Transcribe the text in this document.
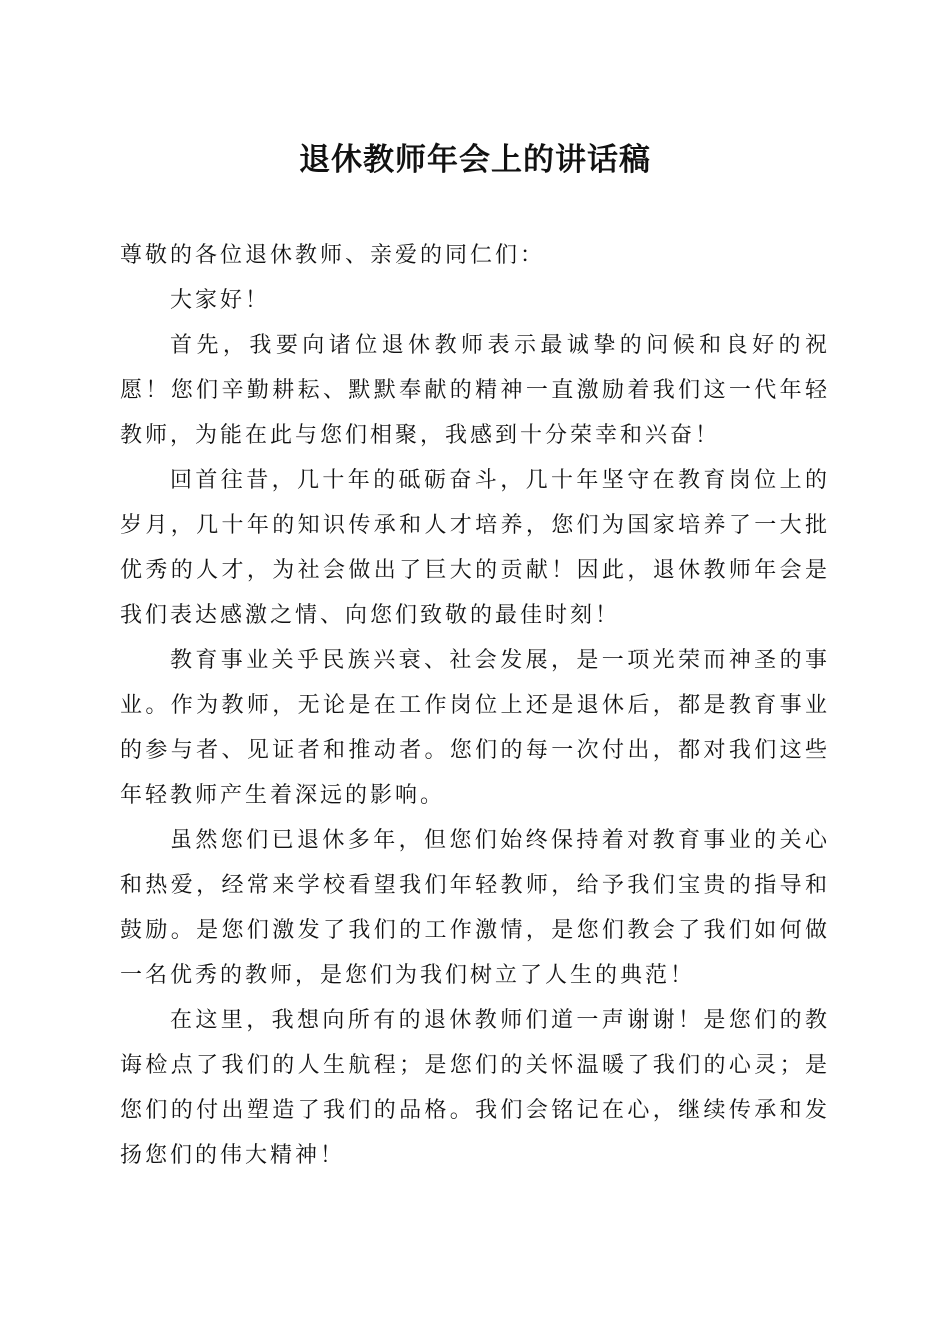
退休教师年会上的讲话稿

尊敬的各位退休教师、亲爱的同仁们：

大家好！

首先，我要向诸位退休教师表示最诚挚的问候和良好的祝愿！您们辛勤耕耘、默默奉献的精神一直激励着我们这一代年轻教师，为能在此与您们相聚，我感到十分荣幸和兴奋！

回首往昔，几十年的砥砺奋斗，几十年坚守在教育岗位上的岁月，几十年的知识传承和人才培养，您们为国家培养了一大批优秀的人才，为社会做出了巨大的贡献！因此，退休教师年会是我们表达感激之情、向您们致敬的最佳时刻！

教育事业关乎民族兴衰、社会发展，是一项光荣而神圣的事业。作为教师，无论是在工作岗位上还是退休后，都是教育事业的参与者、见证者和推动者。您们的每一次付出，都对我们这些年轻教师产生着深远的影响。

虽然您们已退休多年，但您们始终保持着对教育事业的关心和热爱，经常来学校看望我们年轻教师，给予我们宝贵的指导和鼓励。是您们激发了我们的工作激情，是您们教会了我们如何做一名优秀的教师，是您们为我们树立了人生的典范！

在这里，我想向所有的退休教师们道一声谢谢！是您们的教诲检点了我们的人生航程；是您们的关怀温暖了我们的心灵；是您们的付出塑造了我们的品格。我们会铭记在心，继续传承和发扬您们的伟大精神！
